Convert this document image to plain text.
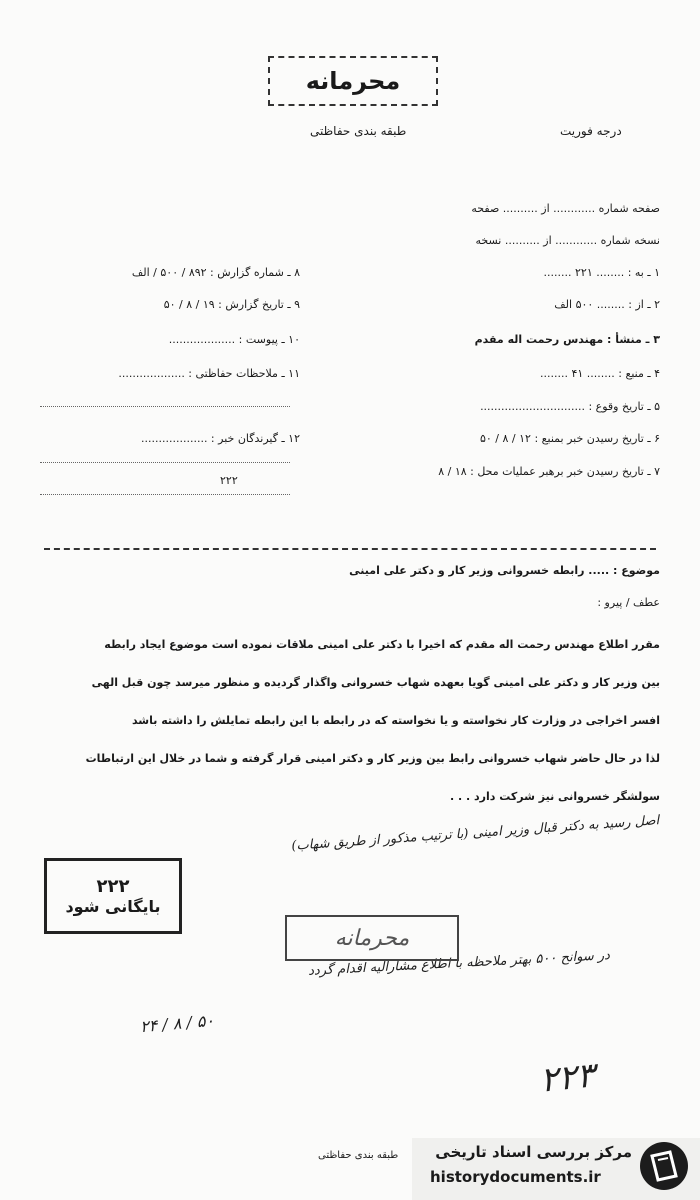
محرمانه
طبقه بندی حفاظتی	درجه فوریت
صفحه شماره ............ از .......... صفحه
نسخه شماره ............ از .......... نسخه
۱ ـ به : ........ ۲۲۱ ........
۲ ـ از : ........ ۵۰۰ الف
۳ ـ منشأ : مهندس رحمت اله مقدم
۴ ـ منبع : ........ ۴۱ ........
۵ ـ تاریخ وقوع : ..............................
۶ ـ تاریخ رسیدن خبر بمنبع : ۱۲ / ۸ / ۵۰
۷ ـ تاریخ رسیدن خبر برهبر عملیات محل : ۱۸ / ۸
۸ ـ شماره گزارش : ۸۹۲ / ۵۰۰ / الف
۹ ـ تاریخ گزارش : ۱۹ / ۸ / ۵۰
۱۰ ـ پیوست : ...................
۱۱ ـ ملاحظات حفاظتی : ...................
۱۲ ـ گیرندگان خبر : ...................
۲۲۲
موضوع : ..... رابطه خسروانی وزیر کار و دکتر علی امینی
عطف / پیرو :
مقرر اطلاع مهندس رحمت اله مقدم که اخیرا با دکتر علی امینی ملاقات نموده است موضوع ایجاد رابطه
بین وزیر کار و دکتر علی امینی گویا بعهده شهاب خسروانی واگذار گردیده و منظور میرسد چون قبل الهی
افسر اخراجی در وزارت کار نخواسته و یا نخواسته که در رابطه با این رابطه تمایلش را داشته باشد
لذا در حال حاضر شهاب خسروانی رابط بین وزیر کار و دکتر امینی قرار گرفته و شما در خلال این ارتباطات
سولشگر خسروانی نیز شرکت دارد . . .
اصل رسید به دکتر قبال وزیر امینی (با ترتیب مذکور از طریق شهاب)
در سوانح ۵۰۰ بهتر ملاحظه با اطلاع مشارالیه اقدام گردد
۲۴ / ۸ / ۵۰
۲۲۳
۲۲۲
بایگانی شود
محرمانه
طبقه بندی حفاظتی مرکز بررسی اسناد تاریخی
historydocuments.ir
